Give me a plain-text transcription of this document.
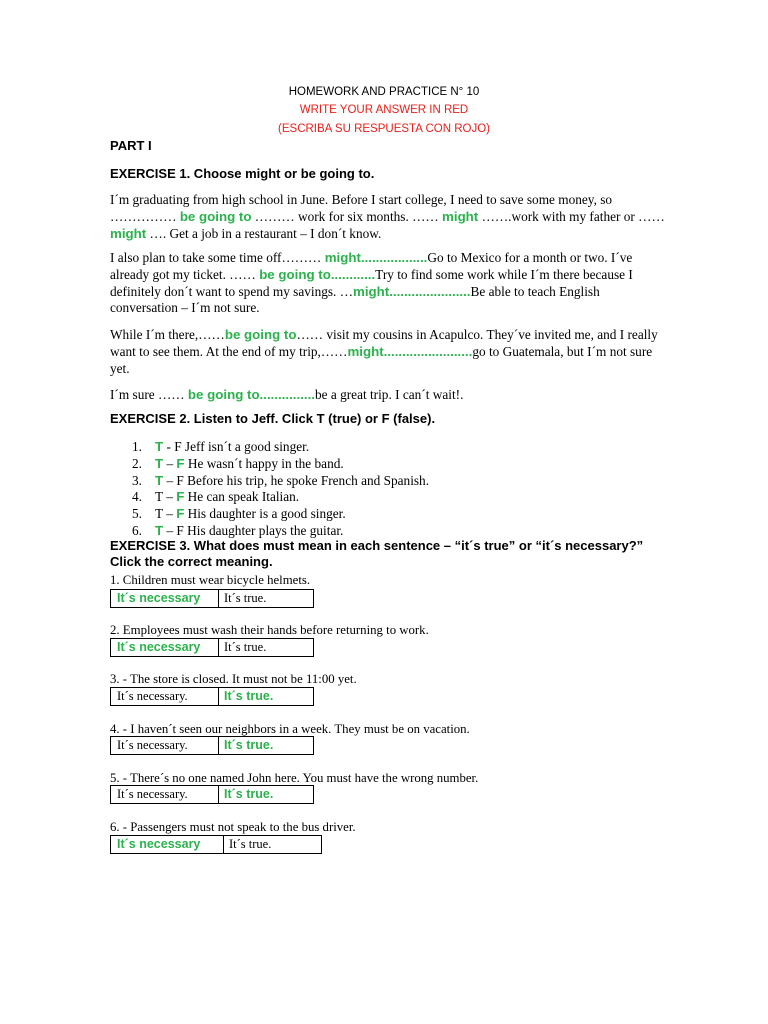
HOMEWORK AND PRACTICE N° 10
WRITE YOUR ANSWER IN RED
(ESCRIBA SU RESPUESTA CON ROJO)
PART I
EXERCISE 1. Choose might or be going to.
I´m graduating from high school in June. Before I start college, I need to save some money, so …………… be going to ……… work for six months. …… might …….work with my father or …… might …. Get a job in a restaurant – I don´t know.
I also plan to take some time off……… might..................Go to Mexico for a month or two. I´ve already got my ticket. …… be going to............Try to find some work while I´m there because I definitely don´t want to spend my savings. …might......................Be able to teach English conversation – I´m not sure.
While I´m there,……be going to…… visit my cousins in Acapulco. They´ve invited me, and I really want to see them. At the end of my trip,……might........................go to Guatemala, but I´m not sure yet.
I´m sure …… be going to...............be a great trip. I can´t wait!.
EXERCISE 2. Listen to Jeff. Click T (true) or F (false).
1. T - F Jeff isn´t a good singer.
2. T – F He wasn´t happy in the band.
3. T – F Before his trip, he spoke French and Spanish.
4. T – F He can speak Italian.
5. T – F His daughter is a good singer.
6. T – F His daughter plays the guitar.
EXERCISE 3. What does must mean in each sentence – “it´s true” or “it´s necessary?” Click the correct meaning.
1. Children must wear bicycle helmets.
It´s necessary	It´s true.
2. Employees must wash their hands before returning to work.
It´s necessary	It´s true.
3. - The store is closed. It must not be 11:00 yet.
It´s necessary.	It´s true.
4. - I haven´t seen our neighbors in a week. They must be on vacation.
It´s necessary.	It´s true.
5. - There´s no one named John here. You must have the wrong number.
It´s necessary.	It´s true.
6. - Passengers must not speak to the bus driver.
It´s necessary	It´s true.
